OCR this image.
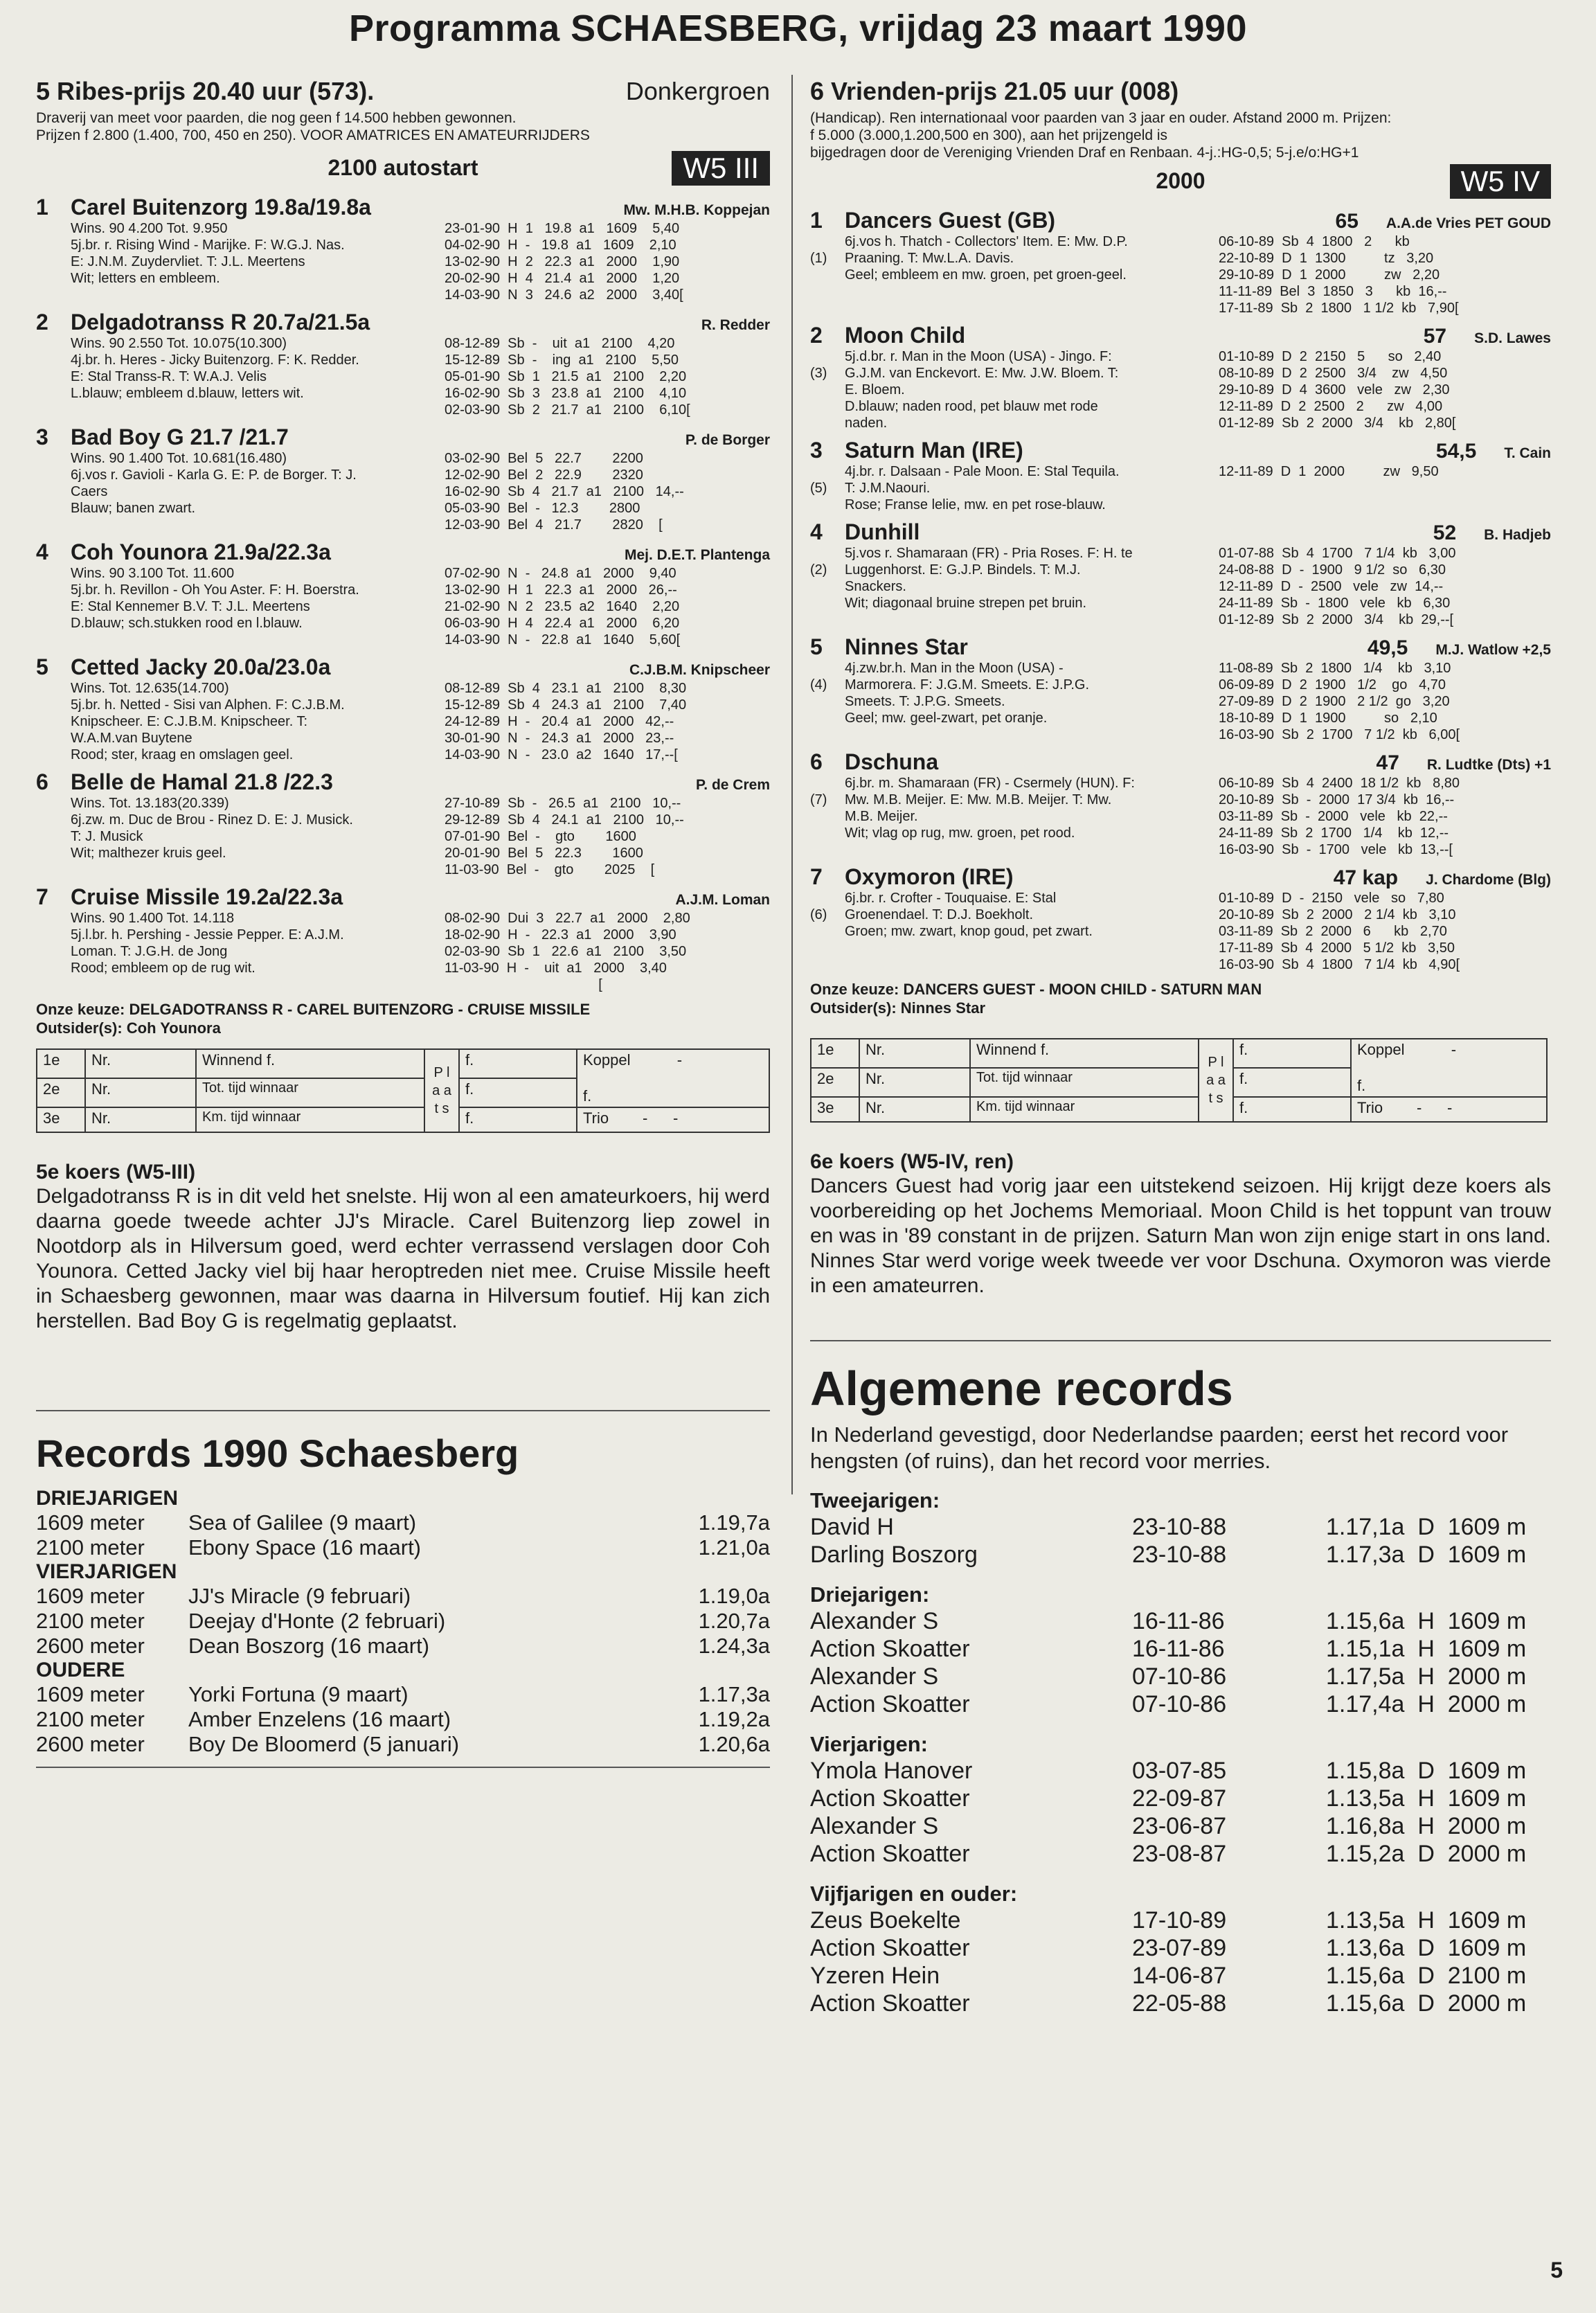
Programma SCHAESBERG, vrijdag 23 maart 1990
5 Ribes-prijs 20.40 uur (573).	Donkergroen
Draverij van meet voor paarden, die nog geen f 14.500 hebben gewonnen.
Prijzen f 2.800 (1.400, 700, 450 en 250). VOOR AMATRICES EN AMATEURRIJDERS
2100 autostart	W5 III
1 Carel Buitenzorg 19.8a/19.8a	Mw. M.H.B. Koppejan
Wins. 90 4.200 Tot. 9.950
5j.br. r. Rising Wind - Marijke. F: W.G.J. Nas.
E: J.N.M. Zuydervliet. T: J.L. Meertens
Wit; letters en embleem.
23-01-90  H  1   19.8  a1   1609    5,40
04-02-90  H  -   19.8  a1   1609    2,10
13-02-90  H  2   22.3  a1   2000    1,90
20-02-90  H  4   21.4  a1   2000    1,20
14-03-90  N  3   24.6  a2   2000    3,40[
2 Delgadotranss R 20.7a/21.5a	R. Redder
Wins. 90 2.550 Tot. 10.075(10.300)
4j.br. h. Heres - Jicky Buitenzorg. F: K. Redder.
E: Stal Transs-R. T: W.A.J. Velis
L.blauw; embleem d.blauw, letters wit.
08-12-89  Sb  -    uit  a1   2100    4,20
15-12-89  Sb  -    ing  a1   2100    5,50
05-01-90  Sb  1   21.5  a1   2100    2,20
16-02-90  Sb  3   23.8  a1   2100    4,10
02-03-90  Sb  2   21.7  a1   2100    6,10[
3 Bad Boy G 21.7 /21.7	P. de Borger
Wins. 90 1.400 Tot. 10.681(16.480)
6j.vos r. Gavioli - Karla G. E: P. de Borger. T: J.
Caers
Blauw; banen zwart.
03-02-90  Bel  5   22.7        2200
12-02-90  Bel  2   22.9        2320
16-02-90  Sb  4   21.7  a1   2100   14,--
05-03-90  Bel  -   12.3        2800
12-03-90  Bel  4   21.7        2820    [
4 Coh Younora 21.9a/22.3a	Mej. D.E.T. Plantenga
Wins. 90 3.100 Tot. 11.600
5j.br. h. Revillon - Oh You Aster. F: H. Boerstra.
E: Stal Kennemer B.V. T: J.L. Meertens
D.blauw; sch.stukken rood en l.blauw.
07-02-90  N  -   24.8  a1   2000    9,40
13-02-90  H  1   22.3  a1   2000   26,--
21-02-90  N  2   23.5  a2   1640    2,20
06-03-90  H  4   22.4  a1   2000    6,20
14-03-90  N  -   22.8  a1   1640    5,60[
5 Cetted Jacky 20.0a/23.0a	C.J.B.M. Knipscheer
Wins. Tot. 12.635(14.700)
5j.br. h. Netted - Sisi van Alphen. F: C.J.B.M.
Knipscheer. E: C.J.B.M. Knipscheer. T:
W.A.M.van Buytene
Rood; ster, kraag en omslagen geel.
08-12-89  Sb  4   23.1  a1   2100    8,30
15-12-89  Sb  4   24.3  a1   2100    7,40
24-12-89  H  -   20.4  a1   2000   42,--
30-01-90  N  -   24.3  a1   2000   23,--
14-03-90  N  -   23.0  a2   1640   17,--[
6 Belle de Hamal 21.8 /22.3	P. de Crem
Wins. Tot. 13.183(20.339)
6j.zw. m. Duc de Brou - Rinez D. E: J. Musick.
T: J. Musick
Wit; malthezer kruis geel.
27-10-89  Sb  -   26.5  a1   2100   10,--
29-12-89  Sb  4   24.1  a1   2100   10,--
07-01-90  Bel  -    gto        1600
20-01-90  Bel  5   22.3        1600
11-03-90  Bel  -    gto        2025    [
7 Cruise Missile 19.2a/22.3a	A.J.M. Loman
Wins. 90 1.400 Tot. 14.118
5j.l.br. h. Pershing - Jessie Pepper. E: A.J.M.
Loman. T: J.G.H. de Jong
Rood; embleem op de rug wit.
08-02-90  Dui  3   22.7  a1   2000    2,80
18-02-90  H  -   22.3  a1   2000    3,90
02-03-90  Sb  1   22.6  a1   2100    3,50
11-03-90  H  -    uit  a1   2000    3,40
[
Onze keuze: DELGADOTRANSS R - CAREL BUITENZORG - CRUISE MISSILE
Outsider(s): Coh Younora
1e	Nr.	Winnend f.	P l a a t s	f.	Koppel -

f.
2e	Nr.	Tot. tijd winnaar		f.	
3e	Nr.	Km. tijd winnaar		f.	Trio - -
5e koers (W5-III)
Delgadotranss R is in dit veld het snelste. Hij won al een amateurkoers, hij werd daarna goede tweede achter JJ's Miracle. Carel Buitenzorg liep zowel in Nootdorp als in Hilversum goed, werd echter verrassend verslagen door Coh Younora. Cetted Jacky viel bij haar heroptreden niet mee. Cruise Missile heeft in Schaesberg gewonnen, maar was daarna in Hilversum foutief. Hij kan zich herstellen. Bad Boy G is regelmatig geplaatst.
Records 1990 Schaesberg
DRIEJARIGEN
1609 meter	Sea of Galilee (9 maart)	1.19,7a
2100 meter	Ebony Space (16 maart)	1.21,0a
VIERJARIGEN
1609 meter	JJ's Miracle (9 februari)	1.19,0a
2100 meter	Deejay d'Honte (2 februari)	1.20,7a
2600 meter	Dean Boszorg (16 maart)	1.24,3a
OUDERE
1609 meter	Yorki Fortuna (9 maart)	1.17,3a
2100 meter	Amber Enzelens (16 maart)	1.19,2a
2600 meter	Boy De Bloomerd (5 januari)	1.20,6a
6 Vrienden-prijs 21.05 uur (008)
(Handicap). Ren internationaal voor paarden van 3 jaar en ouder. Afstand 2000 m. Prijzen:
f 5.000 (3.000,1.200,500 en 300), aan het prijzengeld is
bijgedragen door de Vereniging Vrienden Draf en Renbaan. 4-j.:HG-0,5; 5-j.e/o:HG+1
2000	W5 IV
1 Dancers Guest (GB)	65 A.A.de Vries PET GOUD

(1)
6j.vos h. Thatch - Collectors' Item. E: Mw. D.P.
Praaning. T: Mw.L.A. Davis.
Geel; embleem en mw. groen, pet groen-geel.
06-10-89  Sb  4  1800   2      kb
22-10-89  D  1  1300          tz   3,20
29-10-89  D  1  2000          zw   2,20
11-11-89  Bel  3  1850   3      kb  16,--
17-11-89  Sb  2  1800   1 1/2  kb   7,90[
2 Moon Child	57 S.D. Lawes

(3)
5j.d.br. r. Man in the Moon (USA) - Jingo. F:
G.J.M. van Enckevort. E: Mw. J.W. Bloem. T:
E. Bloem.
D.blauw; naden rood, pet blauw met rode
naden.
01-10-89  D  2  2150   5      so   2,40
08-10-89  D  2  2500   3/4    zw   4,50
29-10-89  D  4  3600   vele   zw   2,30
12-11-89  D  2  2500   2      zw   4,00
01-12-89  Sb  2  2000   3/4    kb   2,80[
3 Saturn Man (IRE)	54,5 T. Cain

(5)
4j.br. r. Dalsaan - Pale Moon. E: Stal Tequila.
T: J.M.Naouri.
Rose; Franse lelie, mw. en pet rose-blauw.
12-11-89  D  1  2000          zw   9,50
4 Dunhill	52 B. Hadjeb

(2)
5j.vos r. Shamaraan (FR) - Pria Roses. F: H. te
Luggenhorst. E: G.J.P. Bindels. T: M.J.
Snackers.
Wit; diagonaal bruine strepen pet bruin.
01-07-88  Sb  4  1700   7 1/4  kb   3,00
24-08-88  D  -  1900   9 1/2  so   6,30
12-11-89  D  -  2500   vele   zw  14,--
24-11-89  Sb  -  1800   vele   kb   6,30
01-12-89  Sb  2  2000   3/4    kb  29,--[
5 Ninnes Star	49,5 M.J. Watlow +2,5

(4)
4j.zw.br.h. Man in the Moon (USA) -
Marmorera. F: J.G.M. Smeets. E: J.P.G.
Smeets. T: J.P.G. Smeets.
Geel; mw. geel-zwart, pet oranje.
11-08-89  Sb  2  1800   1/4    kb   3,10
06-09-89  D  2  1900   1/2    go   4,70
27-09-89  D  2  1900   2 1/2  go   3,20
18-10-89  D  1  1900          so   2,10
16-03-90  Sb  2  1700   7 1/2  kb   6,00[
6 Dschuna	47 R. Ludtke (Dts) +1

(7)
6j.br. m. Shamaraan (FR) - Csermely (HUN). F:
Mw. M.B. Meijer. E: Mw. M.B. Meijer. T: Mw.
M.B. Meijer.
Wit; vlag op rug, mw. groen, pet rood.
06-10-89  Sb  4  2400  18 1/2  kb   8,80
20-10-89  Sb  -  2000  17 3/4  kb  16,--
03-11-89  Sb  -  2000   vele   kb  22,--
24-11-89  Sb  2  1700   1/4    kb  12,--
16-03-90  Sb  -  1700   vele   kb  13,--[
7 Oxymoron (IRE)	47 kap J. Chardome (Blg)

(6)
6j.br. r. Crofter - Touquaise. E: Stal
Groenendael. T: D.J. Boekholt.
Groen; mw. zwart, knop goud, pet zwart.
01-10-89  D  -  2150   vele   so   7,80
20-10-89  Sb  2  2000   2 1/4  kb   3,10
03-11-89  Sb  2  2000   6      kb   2,70
17-11-89  Sb  4  2000   5 1/2  kb   3,50
16-03-90  Sb  4  1800   7 1/4  kb   4,90[
Onze keuze: DANCERS GUEST - MOON CHILD - SATURN MAN
Outsider(s): Ninnes Star
1e	Nr.	Winnend f.	P l a a t s	f.	Koppel -

f.
2e	Nr.	Tot. tijd winnaar		f.	
3e	Nr.	Km. tijd winnaar		f.	Trio - -
6e koers (W5-IV, ren)
Dancers Guest had vorig jaar een uitstekend seizoen. Hij krijgt deze koers als voorbereiding op het Jochems Memoriaal. Moon Child is het toppunt van trouw en was in '89 constant in de prijzen. Saturn Man won zijn enige start in ons land. Ninnes Star werd vorige week tweede ver voor Dschuna. Oxymoron was vierde in een amateurren.
Algemene records
In Nederland gevestigd, door Nederlandse paarden; eerst het record voor hengsten (of ruins), dan het record voor merries.
Tweejarigen:
David H	23-10-88	1.17,1a  D  1609 m
Darling Boszorg	23-10-88	1.17,3a  D  1609 m
Driejarigen:
Alexander S	16-11-86	1.15,6a  H  1609 m
Action Skoatter	16-11-86	1.15,1a  H  1609 m
Alexander S	07-10-86	1.17,5a  H  2000 m
Action Skoatter	07-10-86	1.17,4a  H  2000 m
Vierjarigen:
Ymola Hanover	03-07-85	1.15,8a  D  1609 m
Action Skoatter	22-09-87	1.13,5a  H  1609 m
Alexander S	23-06-87	1.16,8a  H  2000 m
Action Skoatter	23-08-87	1.15,2a  D  2000 m
Vijfjarigen en ouder:
Zeus Boekelte	17-10-89	1.13,5a  H  1609 m
Action Skoatter	23-07-89	1.13,6a  D  1609 m
Yzeren Hein	14-06-87	1.15,6a  D  2100 m
Action Skoatter	22-05-88	1.15,6a  D  2000 m
5
